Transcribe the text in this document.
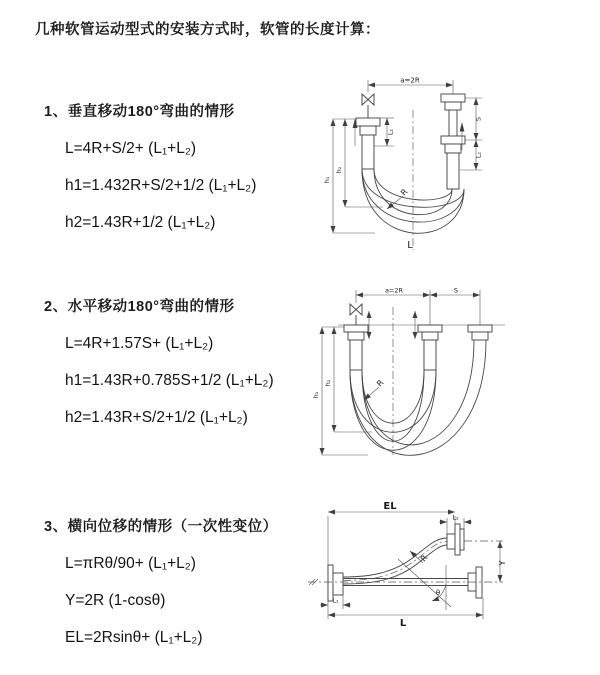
几种软管运动型式的安装方式时，软管的长度计算：
1、垂直移动180°弯曲的情形
L=4R+S/2+ (L₁+L₂)
h1=1.432R+S/2+1/2 (L₁+L₂)
h2=1.43R+1/2 (L₁+L₂)
2、水平移动180°弯曲的情形
L=4R+1.57S+ (L₁+L₂)
h1=1.43R+0.785S+1/2 (L₁+L₂)
h2=1.43R+S/2+1/2 (L₁+L₂)
3、横向位移的情形（一次性变位）
L=πRθ/90+ (L₁+L₂)
Y=2R (1-cosθ)
EL=2Rsinθ+ (L₁+L₂)
a=2R
L₁
S
L₂
h₁
h₂
R
L
a=2R	S
h₁
h₂	R
EL
L₂
Y
R
θ
L
L₁
